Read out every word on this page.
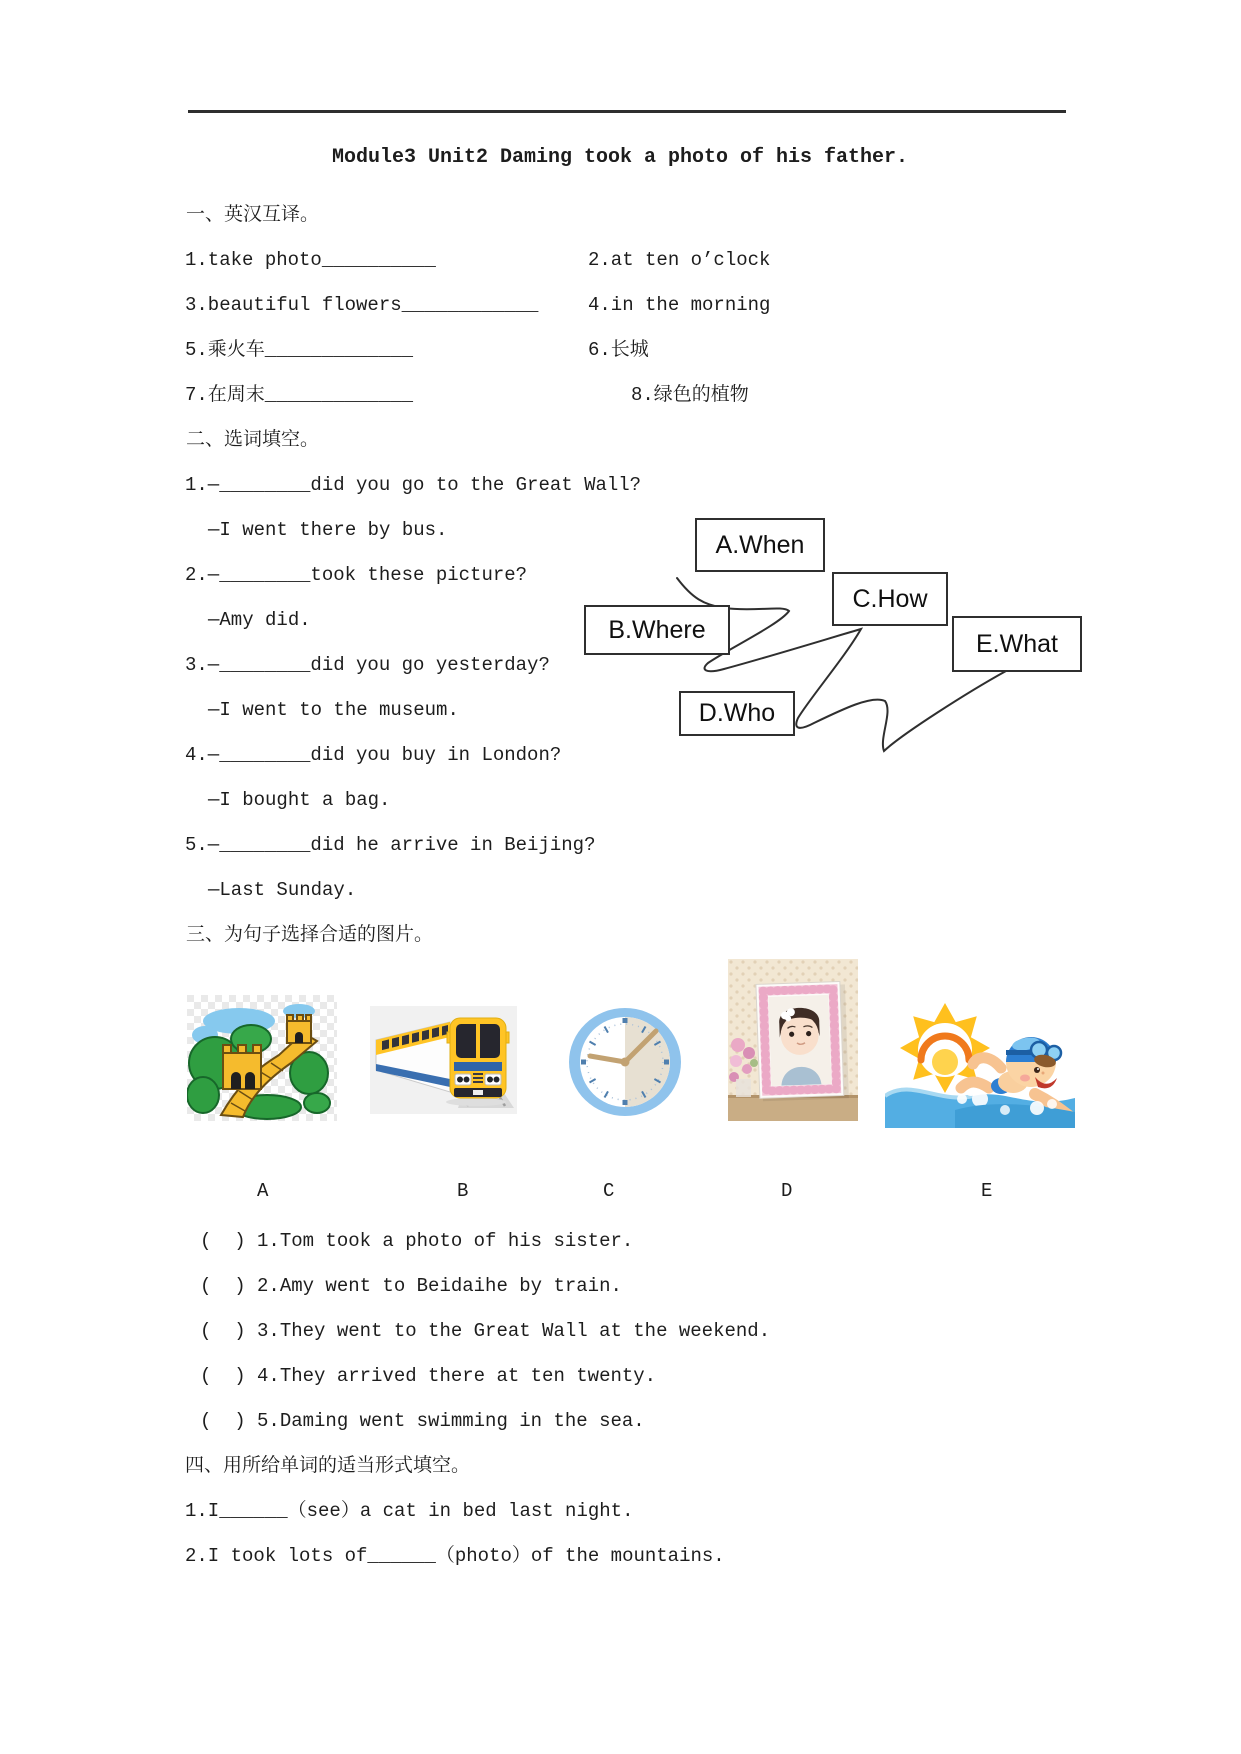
Module3 Unit2 Daming took a photo of his father.
一、英汉互译。
1.take photo__________	2.at ten o’clock
3.beautiful flowers____________	4.in the morning
5.乘火车_____________	6.长城
7.在周末_____________	8.绿色的植物
二、选词填空。
1.—________did you go to the Great Wall?
—I went there by bus.
2.—________took these picture?
—Amy did.
3.—________did you go yesterday?
—I went to the museum.
4.—________did you buy in London?
—I bought a bag.
5.—________did he arrive in Beijing?
—Last Sunday.
A.When
B.Where
C.How
D.Who
E.What
三、为句子选择合适的图片。
A	B	C	D	E
(  ) 1.Tom took a photo of his sister.
(  ) 2.Amy went to Beidaihe by train.
(  ) 3.They went to the Great Wall at the weekend.
(  ) 4.They arrived there at ten twenty.
(  ) 5.Daming went swimming in the sea.
四、用所给单词的适当形式填空。
1.I______（see）a cat in bed last night.
2.I took lots of______（photo）of the mountains.
